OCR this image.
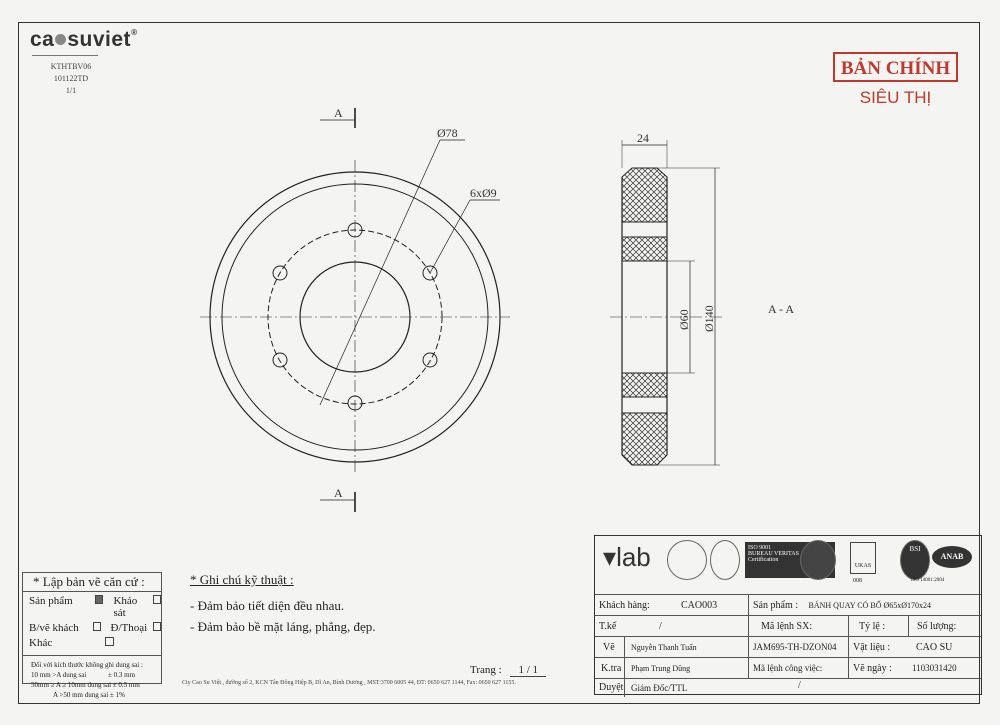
ca suviet®
KTHTBV06
101122TD
1/1
BẢN CHÍNH
SIÊU THỊ
A
A
Ø78
6xØ9
24
Ø60 Ø140	A - A
* Lập bản vẽ căn cứ :
Sản phẩm	Khảo sát
B/vẽ khách	Đ/Thoại
Khác
Đối với kích thước không ghi dung sai :
10 mm >A dung sai	± 0.3 mm
50mm ≥ A ≥ 10mm dung sai ± 0.5 mm
A >50 mm dung sai ± 1%
* Ghi chú kỹ thuật :
- Đảm bảo tiết diện đều nhau.
- Đảm bảo bề mặt láng, phẳng, đẹp.
Trang : 1 / 1
Cty Cao Su Việt , đường số 2, KCN Tân Đông Hiệp B, Dĩ An, Bình Dương , MST:3700 6005 44, ĐT: 0650 627 1144, Fax: 0650 627 1155.
▾lab	ISO 9001
BUREAU VERITAS
Certification
UKAS
008
BSI
ANAB
ISO 14001:2004
Khách hàng:	CAO003	Sản phẩm : BÁNH QUAY CÓ BỐ Ø65xØ170x24
T.kế	/	Mã lệnh SX:	Tỷ lệ :	Số lượng:
Vẽ	Nguyễn Thanh Tuấn	JAM695-TH-DZON04	Vật liệu :	CAO SU
K.tra	Phạm Trung Dũng	Mã lệnh công việc:	Vẽ ngày :	1103031420
Duyệt Giám Đốc/TTL	/
